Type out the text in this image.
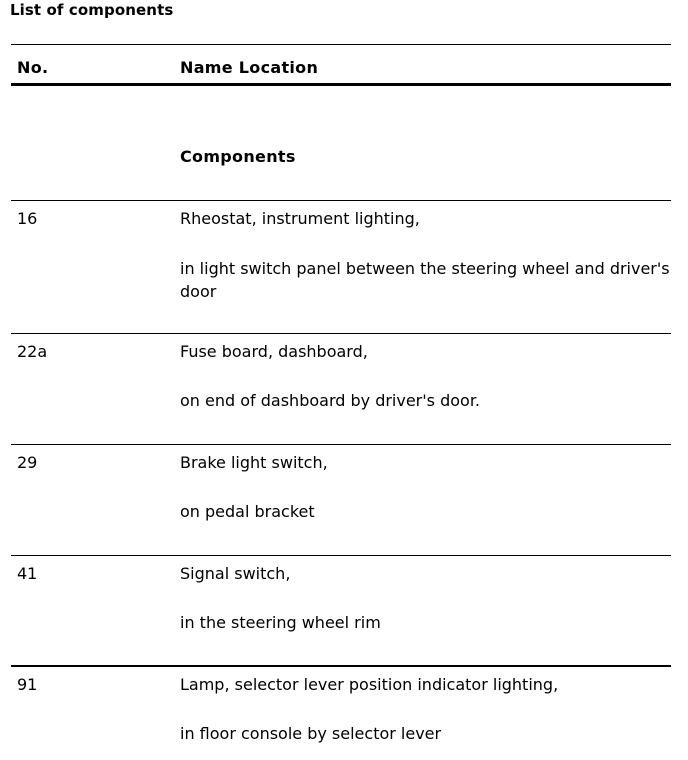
List of components
No.	Name Location
Components
16	Rheostat, instrument lighting,
in light switch panel between the steering wheel and driver's door
22a	Fuse board, dashboard,
on end of dashboard by driver's door.
29	Brake light switch,
on pedal bracket
41	Signal switch,
in the steering wheel rim
91	Lamp, selector lever position indicator lighting,
in floor console by selector lever
